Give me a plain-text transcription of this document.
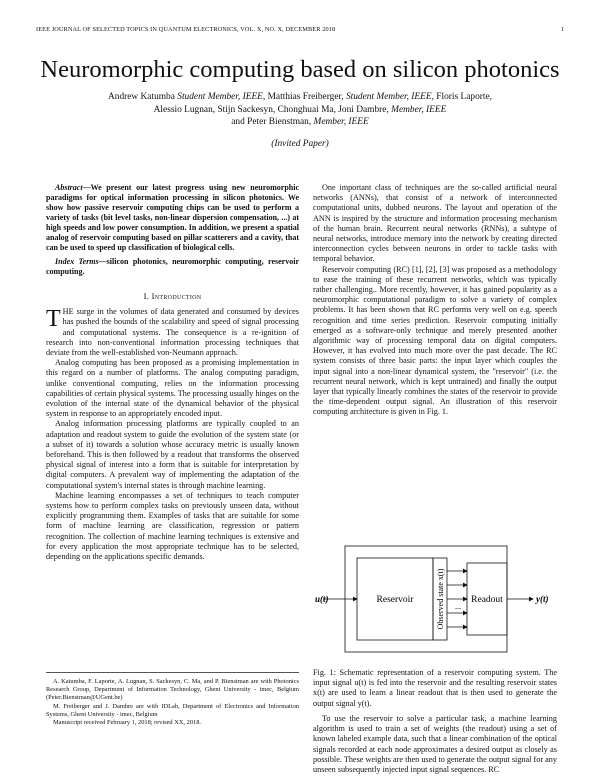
IEEE JOURNAL OF SELECTED TOPICS IN QUANTUM ELECTRONICS, VOL. X, NO. X, DECEMBER 2018	1
Neuromorphic computing based on silicon photonics
Andrew Katumba Student Member, IEEE, Matthias Freiberger, Student Member, IEEE, Floris Laporte,
Alessio Lugnan, Stijn Sackesyn, Chonghuai Ma, Joni Dambre, Member, IEEE
and Peter Bienstman, Member, IEEE
(Invited Paper)

Abstract—We present our latest progress using new neuromorphic paradigms for optical information processing in silicon photonics. We show how passive reservoir computing chips can be used to perform a variety of tasks (bit level tasks, non-linear dispersion compensation, ...) at high speeds and low power consumption. In addition, we present a spatial analog of reservoir computing based on pillar scatterers and a cavity, that can be used to speed up classification of biological cells.

Index Terms—silicon photonics, neuromorphic computing, reservoir computing.

I. Introduction

THE surge in the volumes of data generated and consumed by devices has pushed the bounds of the scalability and speed of signal processing and computational systems. The consequence is a re-ignition of research into non-conventional information processing techniques that deviate from the well-established von-Neumann approach.

Analog computing has been proposed as a promising implementation in this regard on a number of platforms. The analog computing paradigm, unlike conventional computing, relies on the information processing capabilities of certain physical systems. The processing usually hinges on the evolution of the internal state of the dynamical behavior of the physical system in response to an appropriately encoded input.

Analog information processing platforms are typically coupled to an adaptation and readout system to guide the evolution of the system state (or a subset of it) towards a solution whose accuracy metric is usually known beforehand. This is then followed by a readout that transforms the observed physical signal of interest into a form that is suitable for interpretation by digital computers. A prevalent way of implementing the adaptation of the computational system's internal states is through machine learning.

Machine learning encompasses a set of techniques to teach computer systems how to perform complex tasks on previously unseen data, without explicitly programming them. Examples of tasks that are suitable for some form of machine learning are classification, regression or pattern recognition. The collection of machine learning techniques is extensive and for every application the most appropriate technique has to be selected, depending on the applications specific demands.

A. Katumba, F. Laporte, A. Lugnan, S. Sackesyn, C. Ma, and P. Bienstman are with Photonics Research Group, Department of Information Technology, Ghent University - imec, Belgium (Peter.Bienstman@UGent.be)

M. Freiberger and J. Dambre are with IDLab, Department of Electronics and Information Systems, Ghent University - imec, Belgium

Manuscript received February 1, 2018; revised XX, 2018.

One important class of techniques are the so-called artificial neural networks (ANNs), that consist of a network of interconnected computational units, dubbed neurons. The layout and operation of the ANN is inspired by the structure and information processing mechanism of the human brain. Recurrent neural networks (RNNs), a subtype of neural networks, introduce memory into the network by creating directed interconnection cycles between neurons in order to tackle tasks with temporal behavior.

Reservoir computing (RC) [1], [2], [3] was proposed as a methodology to ease the training of these recurrent networks, which was typically rather challenging.. More recently, however, it has gained popularity as a neuromorphic computational paradigm to solve a variety of complex problems. It has been shown that RC performs very well on e.g. speech recognition and time series prediction. Reservoir computing initially emerged as a software-only technique and merely presented another algorithmic way of processing temporal data on digital computers. However, it has evolved into much more over the past decade. The RC system consists of three basic parts: the input layer which couples the input signal into a non-linear dynamical system, the "reservoir" (i.e. the recurrent neural network, which is kept untrained) and finally the output layer that typically linearly combines the states of the reservoir to provide the time-dependent output signal. An illustration of this reservoir computing architecture is given in Fig. 1.

u(t)	Reservoir	Observed state x(t)	Readout
...
y(t)

Fig. 1: Schematic representation of a reservoir computing system. The input signal u(t) is fed into the reservoir and the resulting reservoir states x(t) are used to learn a linear readout that is then used to generate the output signal y(t).

To use the reservoir to solve a particular task, a machine learning algorithm is used to train a set of weights (the readout) using a set of known labeled example data, such that a linear combination of the optical signals recorded at each node approximates a desired output as closely as possible. These weights are then used to generate the output signal for any unseen subsequently injected input signal sequences. RC
